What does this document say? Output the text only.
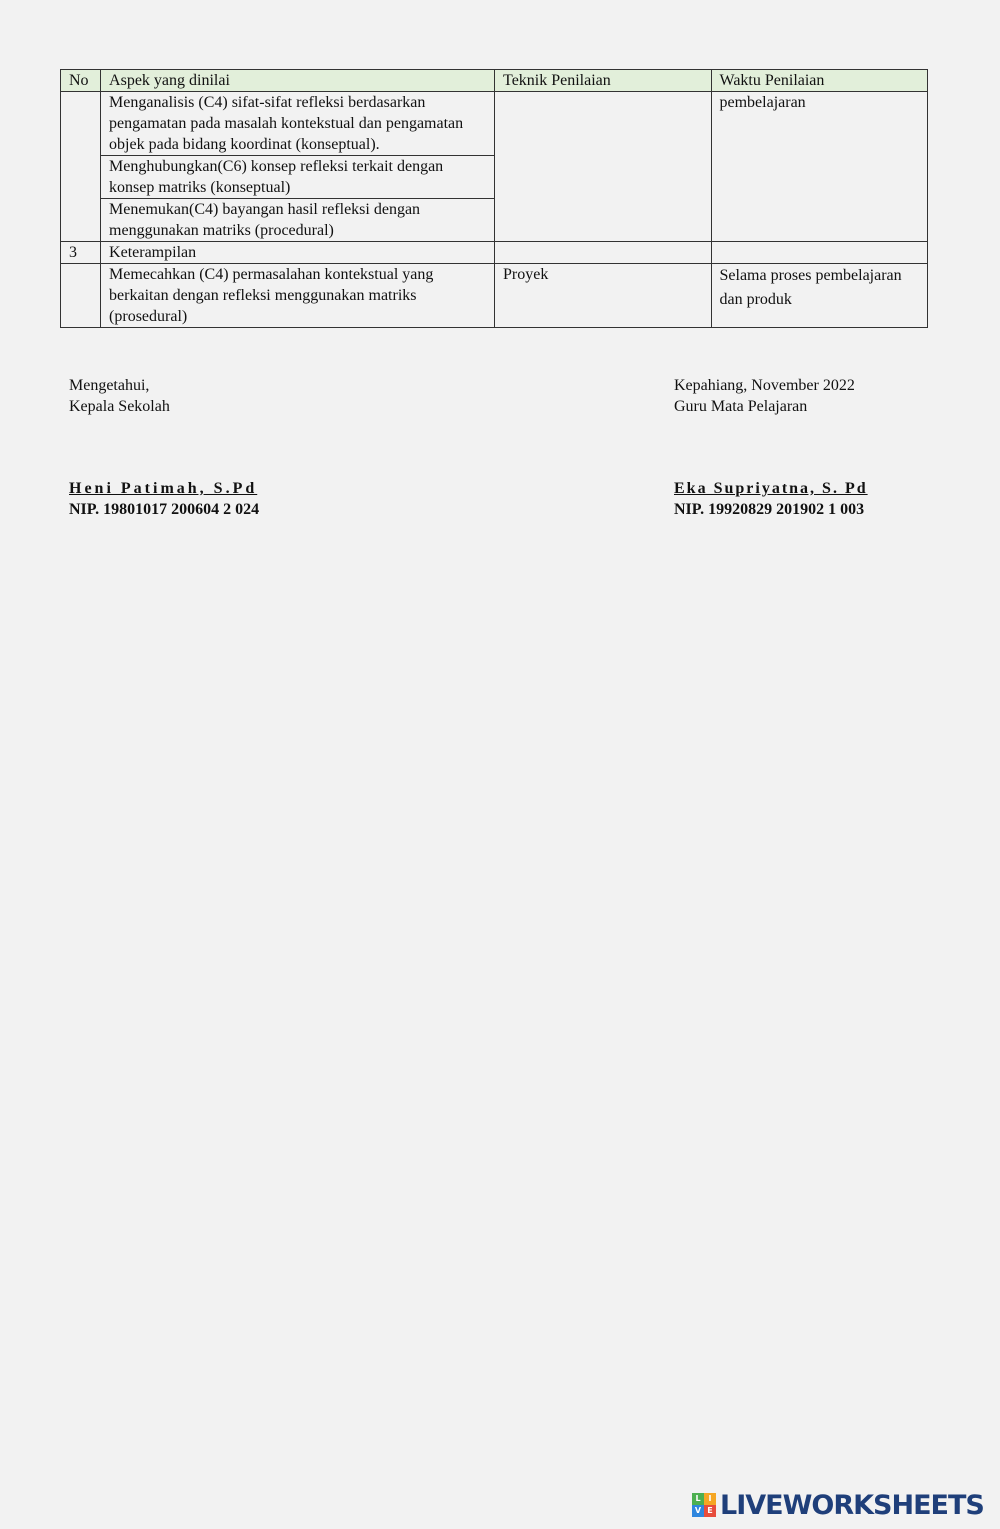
No	Aspek yang dinilai	Teknik Penilaian	Waktu Penilaian
	Menganalisis (C4) sifat-sifat refleksi berdasarkan pengamatan pada masalah kontekstual dan pengamatan objek pada bidang koordinat (konseptual).		pembelajaran
	Menghubungkan(C6) konsep refleksi terkait dengan konsep matriks (konseptual)		
	Menemukan(C4) bayangan hasil refleksi dengan menggunakan matriks (procedural)		
3	Keterampilan		
	Memecahkan (C4) permasalahan kontekstual yang berkaitan dengan refleksi menggunakan matriks (prosedural)	Proyek	Selama proses pembelajaran dan produk
Mengetahui,
Kepala Sekolah
Kepahiang, November 2022
Guru Mata Pelajaran
Heni Patimah, S.Pd
NIP. 19801017 200604 2 024
Eka Supriyatna, S. Pd
NIP. 19920829 201902 1 003
L I
V E LIVEWORKSHEETS
